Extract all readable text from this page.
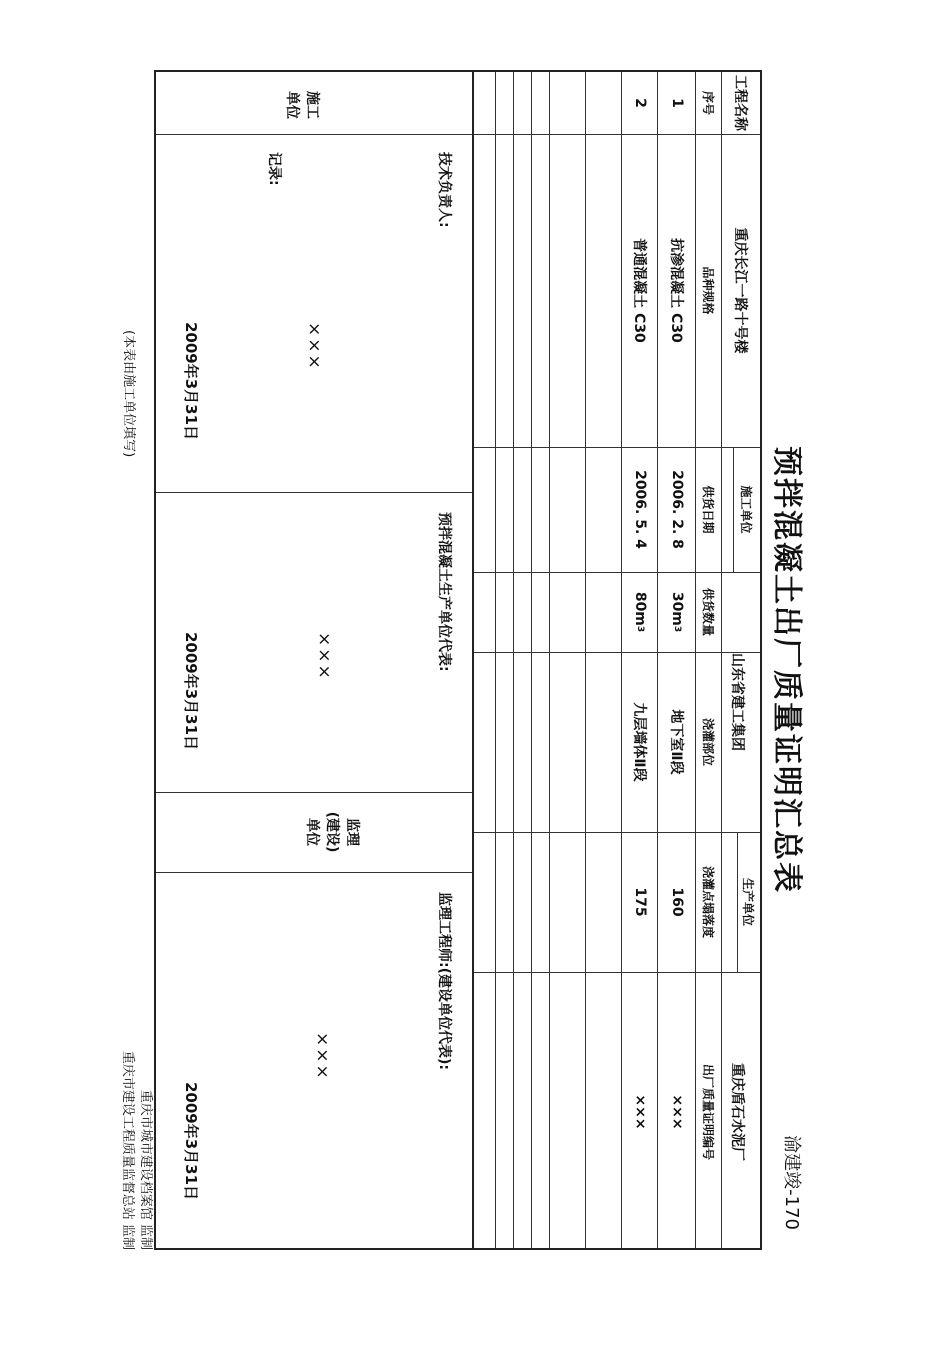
预拌混凝土出厂质量证明汇总表
渝建竣-170
工程名称
重庆长江一路十号楼
施工单位
山东省建工集团
生产单位
重庆盾石水泥厂
序号
品种规格
供货日期
供货数量
浇灌部位
浇灌点塌落度
出厂质量证明编号
1
抗渗混凝土 C30
2006. 2. 8
30m
3
地下室Ⅱ段
160
×××
2
普通混凝土 C30
2006. 5. 4
80m
3
九层墙体Ⅱ段
175
×××
施工
单位
技术负责人:
记录:
×××
2009年3月31日
预拌混凝土生产单位代表:
×××
2009年3月31日
监理
(建设)
单位
监理工程师:(建设单位代表):
×××
2009年3月31日
(本表由施工单位填写)
重庆市城市建设档案馆 监制
重庆市建设工程质量监督总站 监制
